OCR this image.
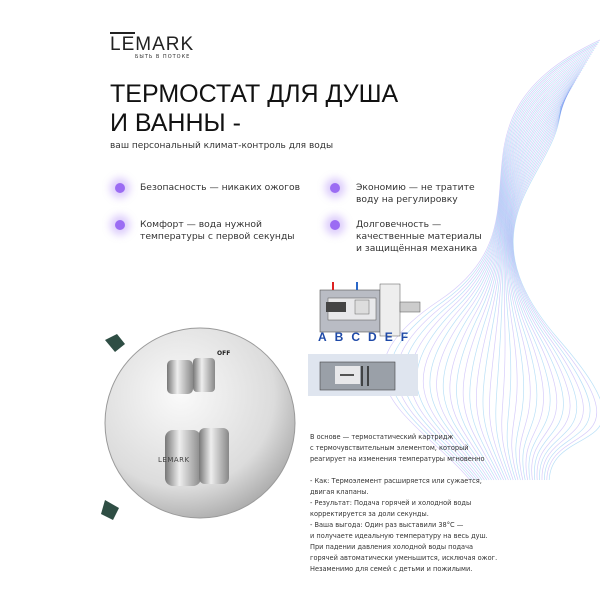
LEMARK
БЫТЬ В ПОТОКЕ
ТЕРМОСТАТ ДЛЯ ДУША
И ВАННЫ -
ваш персональный климат-контроль для воды
Безопасность — никаких ожогов	Экономию — не тратите
воду на регулировку
Комфорт — вода нужной
температуры с первой секунды
Долговечность —
качественные материалы
и защищённая механика
A B C D E F
OFF
LEMARK
В основе — термостатический картридж
с термочувствительным элементом, который
реагирует на изменения температуры мгновенно
- Как: Термоэлемент расширяется или сужается,
двигая клапаны.
- Результат: Подача горячей и холодной воды
корректируется за доли секунды.
- Ваша выгода: Один раз выставили 38°C —
и получаете идеальную температуру на весь душ.
При падении давления холодной воды подача
горячей автоматически уменьшится, исключая ожог.
Незаменимо для семей с детьми и пожилыми.
